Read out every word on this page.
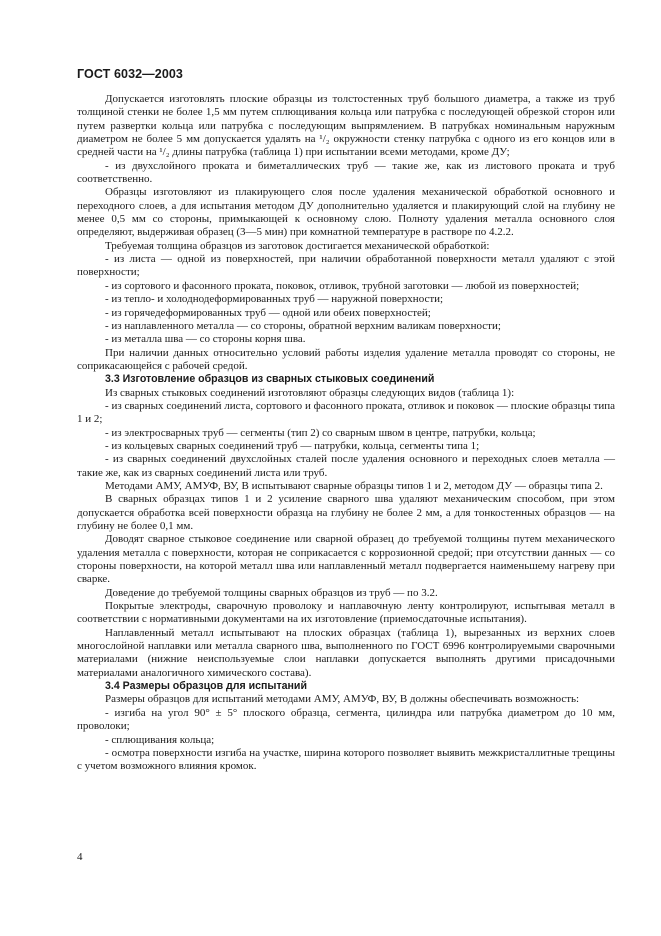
ГОСТ 6032—2003

Допускается изготовлять плоские образцы из толстостенных труб большого диаметра, а также из труб толщиной стенки не более 1,5 мм путем сплющивания кольца или патрубка с последующей обрезкой сторон или путем развертки кольца или патрубка с последующим выпрямлением. В патрубках номинальным наружным диаметром не более 5 мм допускается удалять на ¹/₂ окружности стенку патрубка с одного из его концов или в средней части на ¹/₂ длины патрубка (таблица 1) при испытании всеми методами, кроме ДУ;

- из двухслойного проката и биметаллических труб — такие же, как из листового проката и труб соответственно.

Образцы изготовляют из плакирующего слоя после удаления механической обработкой основного и переходного слоев, а для испытания методом ДУ дополнительно удаляется и плакирующий слой на глубину не менее 0,5 мм со стороны, примыкающей к основному слою. Полноту удаления металла основного слоя определяют, выдерживая образец (3—5 мин) при комнатной температуре в растворе по 4.2.2.

Требуемая толщина образцов из заготовок достигается механической обработкой:

- из листа — одной из поверхностей, при наличии обработанной поверхности металл удаляют с этой поверхности;

- из сортового и фасонного проката, поковок, отливок, трубной заготовки — любой из поверхностей;

- из тепло- и холоднодеформированных труб — наружной поверхности;

- из горячедеформированных труб — одной или обеих поверхностей;

- из наплавленного металла — со стороны, обратной верхним валикам поверхности;

- из металла шва — со стороны корня шва.

При наличии данных относительно условий работы изделия удаление металла проводят со стороны, не соприкасающейся с рабочей средой.

3.3 Изготовление образцов из сварных стыковых соединений

Из сварных стыковых соединений изготовляют образцы следующих видов (таблица 1):

- из сварных соединений листа, сортового и фасонного проката, отливок и поковок — плоские образцы типа 1 и 2;

- из электросварных труб — сегменты (тип 2) со сварным швом в центре, патрубки, кольца;

- из кольцевых сварных соединений труб — патрубки, кольца, сегменты типа 1;

- из сварных соединений двухслойных сталей после удаления основного и переходных слоев металла — такие же, как из сварных соединений листа или труб.

Методами АМУ, АМУФ, ВУ, В испытывают сварные образцы типов 1 и 2, методом ДУ — образцы типа 2.

В сварных образцах типов 1 и 2 усиление сварного шва удаляют механическим способом, при этом допускается обработка всей поверхности образца на глубину не более 2 мм, а для тонкостенных образцов — на глубину не более 0,1 мм.

Доводят сварное стыковое соединение или сварной образец до требуемой толщины путем механического удаления металла с поверхности, которая не соприкасается с коррозионной средой; при отсутствии данных — со стороны поверхности, на которой металл шва или наплавленный металл подвергается наименьшему нагреву при сварке.

Доведение до требуемой толщины сварных образцов из труб — по 3.2.

Покрытые электроды, сварочную проволоку и наплавочную ленту контролируют, испытывая металл в соответствии с нормативными документами на их изготовление (приемосдаточные испытания).

Наплавленный металл испытывают на плоских образцах (таблица 1), вырезанных из верхних слоев многослойной наплавки или металла сварного шва, выполненного по ГОСТ 6996 контролируемыми сварочными материалами (нижние неиспользуемые слои наплавки допускается выполнять другими присадочными материалами аналогичного химического состава).

3.4 Размеры образцов для испытаний

Размеры образцов для испытаний методами АМУ, АМУФ, ВУ, В должны обеспечивать возможность:

- изгиба на угол 90° ± 5° плоского образца, сегмента, цилиндра или патрубка диаметром до 10 мм, проволоки;

- сплющивания кольца;

- осмотра поверхности изгиба на участке, ширина которого позволяет выявить межкристаллитные трещины с учетом возможного влияния кромок.

4
